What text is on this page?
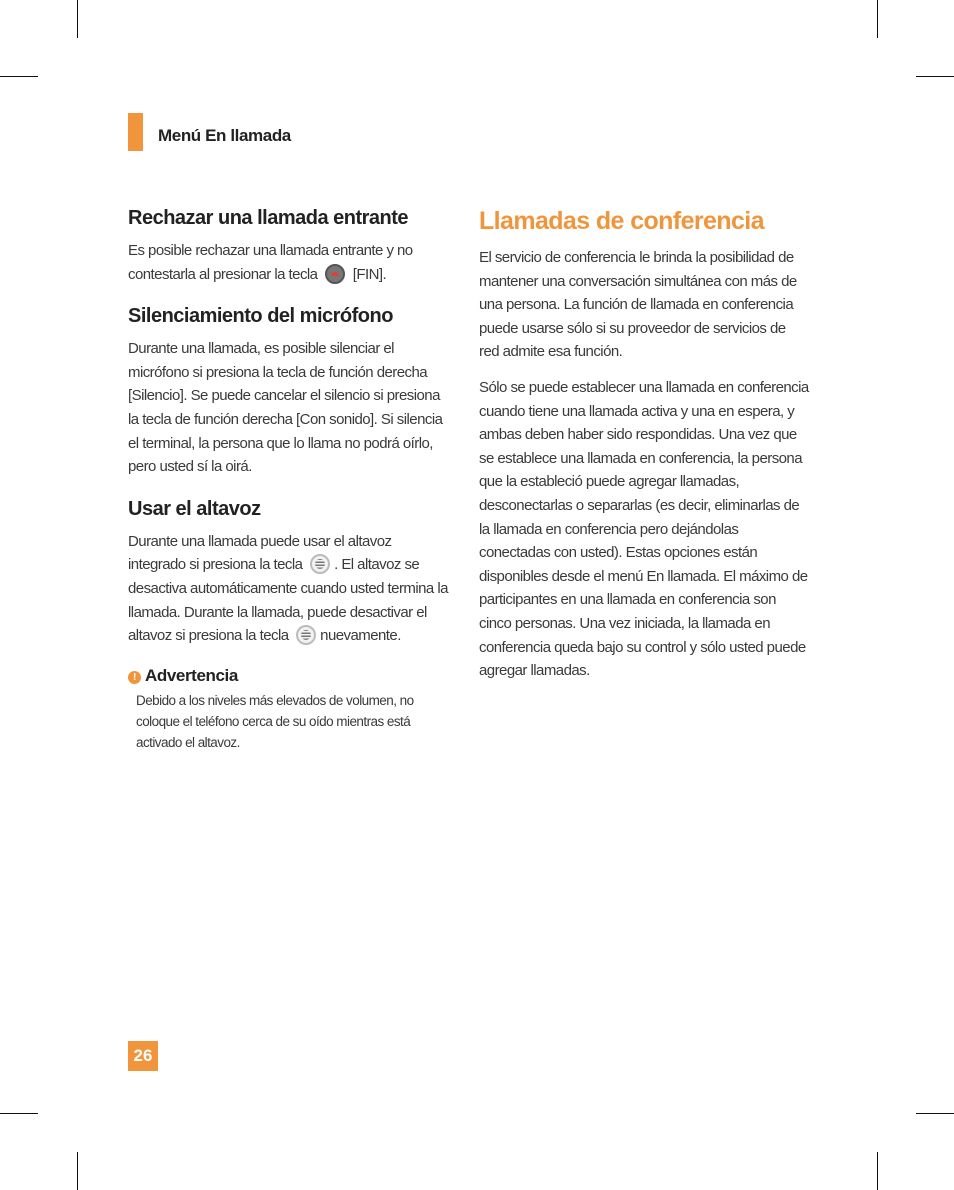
Menú En llamada
Rechazar una llamada entrante

Es posible rechazar una llamada entrante y no contestarla al presionar la tecla [FIN].

Silenciamiento del micrófono

Durante una llamada, es posible silenciar el micrófono si presiona la tecla de función derecha [Silencio]. Se puede cancelar el silencio si presiona la tecla de función derecha [Con sonido]. Si silencia el terminal, la persona que lo llama no podrá oírlo, pero usted sí la oirá.

Usar el altavoz

Durante una llamada puede usar el altavoz integrado si presiona la tecla . El altavoz se desactiva automáticamente cuando usted termina la llamada. Durante la llamada, puede desactivar el altavoz si presiona la tecla nuevamente.

! Advertencia

Debido a los niveles más elevados de volumen, no coloque el teléfono cerca de su oído mientras está activado el altavoz.

Llamadas de conferencia

El servicio de conferencia le brinda la posibilidad de mantener una conversación simultánea con más de una persona. La función de llamada en conferencia puede usarse sólo si su proveedor de servicios de red admite esa función.

Sólo se puede establecer una llamada en conferencia cuando tiene una llamada activa y una en espera, y ambas deben haber sido respondidas. Una vez que se establece una llamada en conferencia, la persona que la estableció puede agregar llamadas, desconectarlas o separarlas (es decir, eliminarlas de la llamada en conferencia pero dejándolas conectadas con usted). Estas opciones están disponibles desde el menú En llamada. El máximo de participantes en una llamada en conferencia son cinco personas. Una vez iniciada, la llamada en conferencia queda bajo su control y sólo usted puede agregar llamadas.

26
